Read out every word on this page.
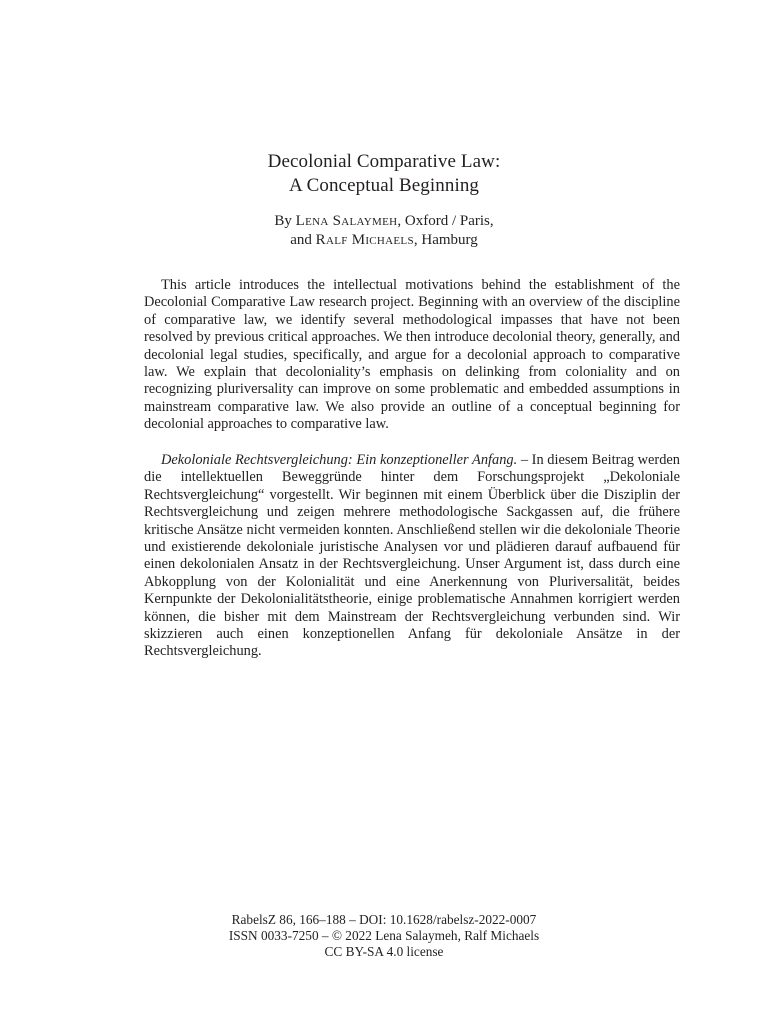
Decolonial Comparative Law:
A Conceptual Beginning
By Lena Salaymeh, Oxford / Paris,
and Ralf Michaels, Hamburg

This article introduces the intellectual motivations behind the establishment of the Decolonial Comparative Law research project. Beginning with an overview of the discipline of comparative law, we identify several methodological impasses that have not been resolved by previous critical approaches. We then introduce decolonial theory, generally, and decolonial legal studies, specifically, and argue for a decolonial approach to comparative law. We explain that decoloniality’s emphasis on delinking from coloniality and on recognizing pluriversality can improve on some problematic and embedded assumptions in mainstream comparative law. We also provide an outline of a conceptual beginning for decolonial approaches to comparative law.

Dekoloniale Rechtsvergleichung: Ein konzeptioneller Anfang. – In diesem Beitrag werden die intellektuellen Beweggründe hinter dem Forschungsprojekt „Dekoloniale Rechtsvergleichung“ vorgestellt. Wir beginnen mit einem Überblick über die Disziplin der Rechtsvergleichung und zeigen mehrere methodologische Sackgassen auf, die frühere kritische Ansätze nicht vermeiden konnten. Anschließend stellen wir die dekoloniale Theorie und existierende dekoloniale juristische Analysen vor und plädieren darauf aufbauend für einen dekolonialen Ansatz in der Rechtsvergleichung. Unser Argument ist, dass durch eine Abkopplung von der Kolonialität und eine Anerkennung von Pluriversalität, beides Kernpunkte der Dekolonialitätstheorie, einige problematische Annahmen korrigiert werden können, die bisher mit dem Mainstream der Rechtsvergleichung verbunden sind. Wir skizzieren auch einen konzeptionellen Anfang für dekoloniale Ansätze in der Rechtsvergleichung.

RabelsZ 86, 166–188 – DOI: 10.1628/rabelsz-2022-0007
ISSN 0033-7250 – © 2022 Lena Salaymeh, Ralf Michaels
CC BY-SA 4.0 license
